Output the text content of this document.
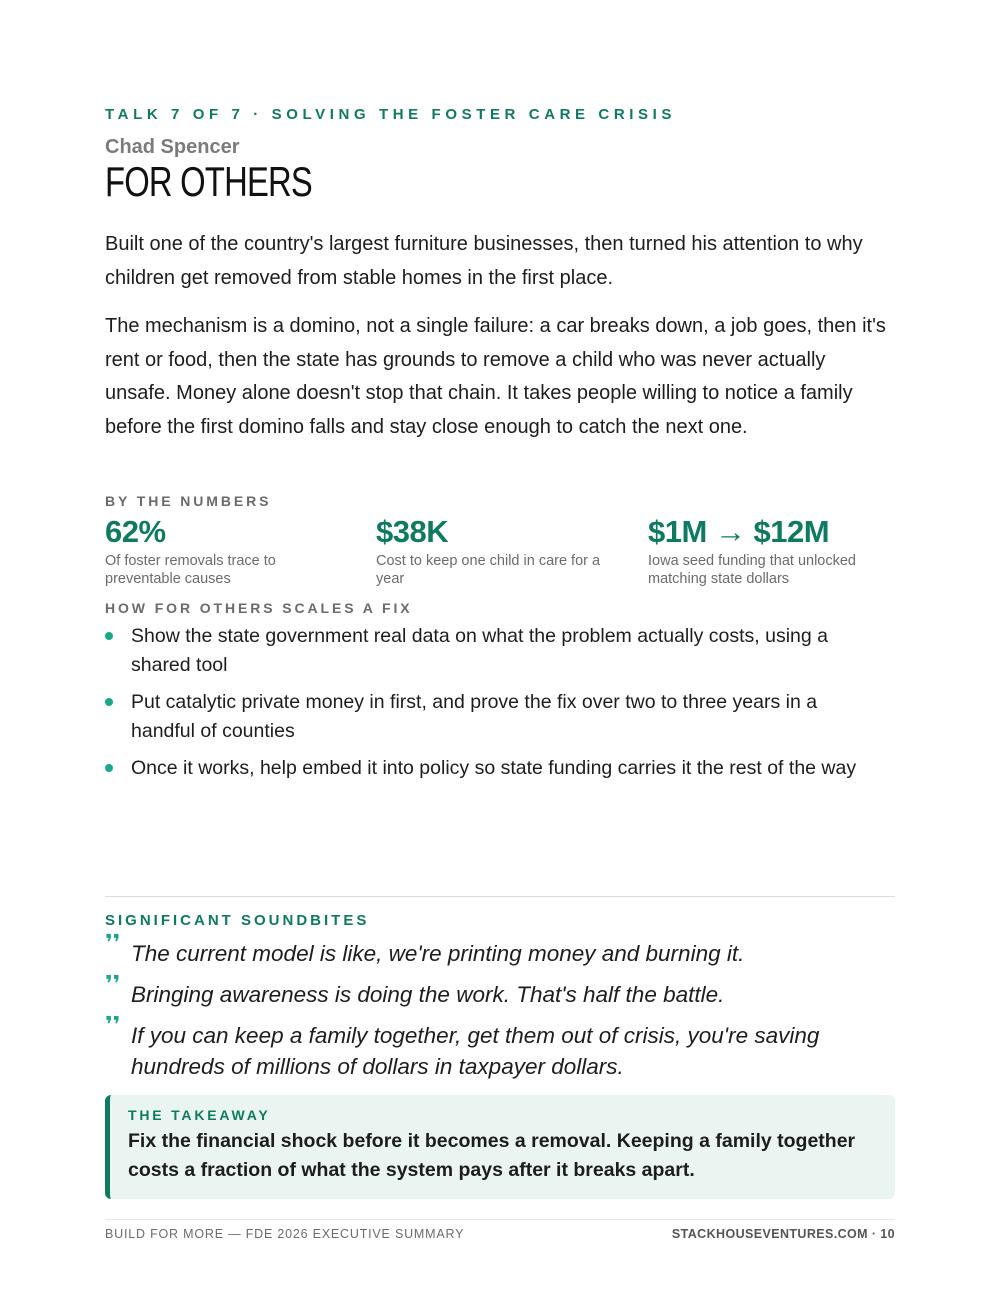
TALK 7 OF 7 · SOLVING THE FOSTER CARE CRISIS
Chad Spencer
FOR OTHERS

Built one of the country's largest furniture businesses, then turned his attention to why children get removed from stable homes in the first place.

The mechanism is a domino, not a single failure: a car breaks down, a job goes, then it's rent or food, then the state has grounds to remove a child who was never actually unsafe. Money alone doesn't stop that chain. It takes people willing to notice a family before the first domino falls and stay close enough to catch the next one.

BY THE NUMBERS
62%
Of foster removals trace to preventable causes
$38K
Cost to keep one child in care for a year
$1M → $12M
Iowa seed funding that unlocked matching state dollars
HOW FOR OTHERS SCALES A FIX
Show the state government real data on what the problem actually costs, using a shared tool
Put catalytic private money in first, and prove the fix over two to three years in a handful of counties
Once it works, help embed it into policy so state funding carries it the rest of the way
SIGNIFICANT SOUNDBITES
❜❜ The current model is like, we're printing money and burning it.
❜❜ Bringing awareness is doing the work. That's half the battle.
❜❜ If you can keep a family together, get them out of crisis, you're saving hundreds of millions of dollars in taxpayer dollars.
THE TAKEAWAY
Fix the financial shock before it becomes a removal. Keeping a family together costs a fraction of what the system pays after it breaks apart.
BUILD FOR MORE — FDE 2026 EXECUTIVE SUMMARY	STACKHOUSEVENTURES.COM · 10
